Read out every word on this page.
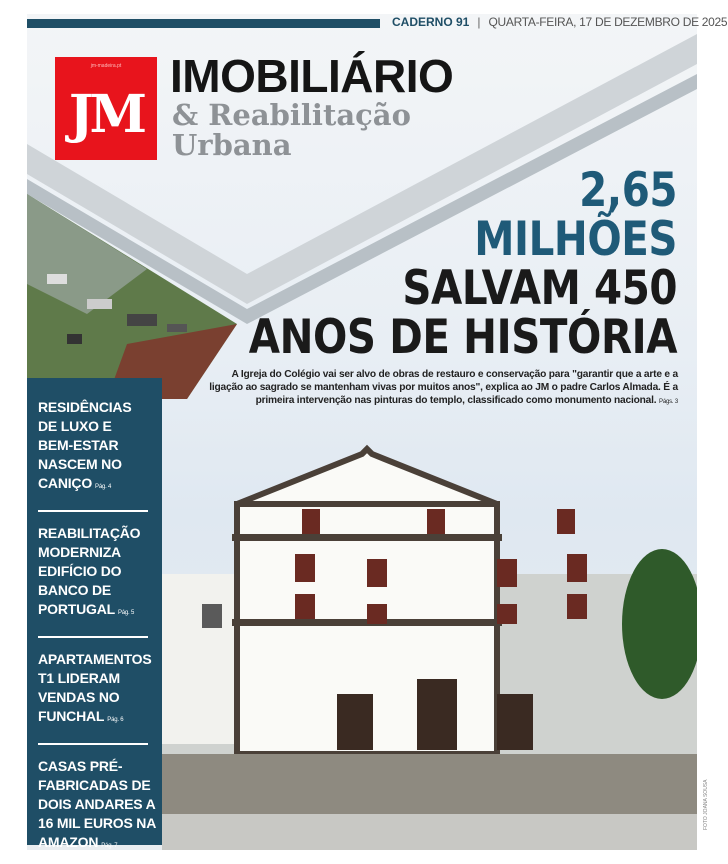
CADERNO 91 | QUARTA-FEIRA, 17 DE DEZEMBRO DE 2025
jm-madeira.pt
JM
IMOBILIÁRIO
& Reabilitação
Urbana
2,65
MILHÕES
SALVAM 450
ANOS DE HISTÓRIA
A Igreja do Colégio vai ser alvo de obras de restauro e conservação para "garantir que a arte e a ligação ao sagrado se mantenham vivas por muitos anos", explica ao JM o padre Carlos Almada. É a primeira intervenção nas pinturas do templo, classificado como monumento nacional. Págs. 3
RESIDÊNCIAS DE LUXO E BEM-ESTAR NASCEM NO CANIÇO Pág. 4
REABILITAÇÃO MODERNIZA EDIFÍCIO DO BANCO DE PORTUGAL Pág. 5
APARTAMENTOS T1 LIDERAM VENDAS NO FUNCHAL Pág. 6
CASAS PRÉ-FABRICADAS DE DOIS ANDARES A 16 MIL EUROS NA AMAZON Pág. 7
FOTO JOANA SOUSA
